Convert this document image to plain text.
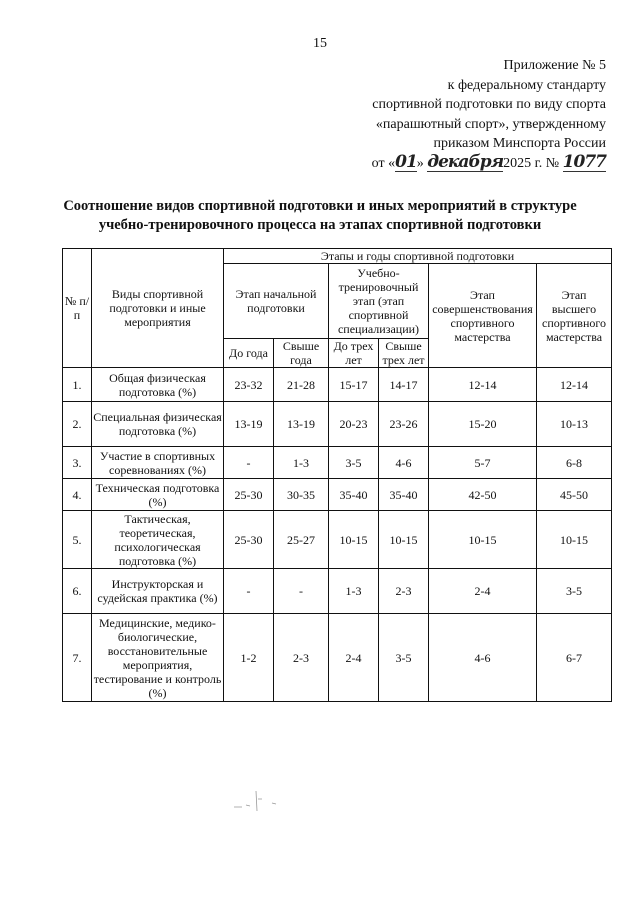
15
Приложение № 5
к федеральному стандарту
спортивной подготовки по виду спорта
«парашютный спорт», утвержденному
приказом Минспорта России
от «01» декабря2025 г. № 1077
Соотношение видов спортивной подготовки и иных мероприятий в структуре
учебно-тренировочного процесса на этапах спортивной подготовки
№ п/п	Виды спортивной подготовки и иные мероприятия	Этапы и годы спортивной подготовки					
		Этап начальной подготовки		Учебно-тренировочный этап (этап спортивной специализации)		Этап совершенствования спортивного мастерства	Этап высшего спортивного мастерства
		До года	Свыше года	До трех лет	Свыше трех лет		
1.	Общая физическая подготовка (%)	23-32	21-28	15-17	14-17	12-14	12-14
2.	Специальная физическая подготовка (%)	13-19	13-19	20-23	23-26	15-20	10-13
3.	Участие в спортивных соревнованиях (%)	-	1-3	3-5	4-6	5-7	6-8
4.	Техническая подготовка (%)	25-30	30-35	35-40	35-40	42-50	45-50
5.	Тактическая, теоретическая, психологическая подготовка (%)	25-30	25-27	10-15	10-15	10-15	10-15
6.	Инструкторская и судейская практика (%)	-	-	1-3	2-3	2-4	3-5
7.	Медицинские, медико-биологические, восстановительные мероприятия, тестирование и контроль (%)	1-2	2-3	2-4	3-5	4-6	6-7
